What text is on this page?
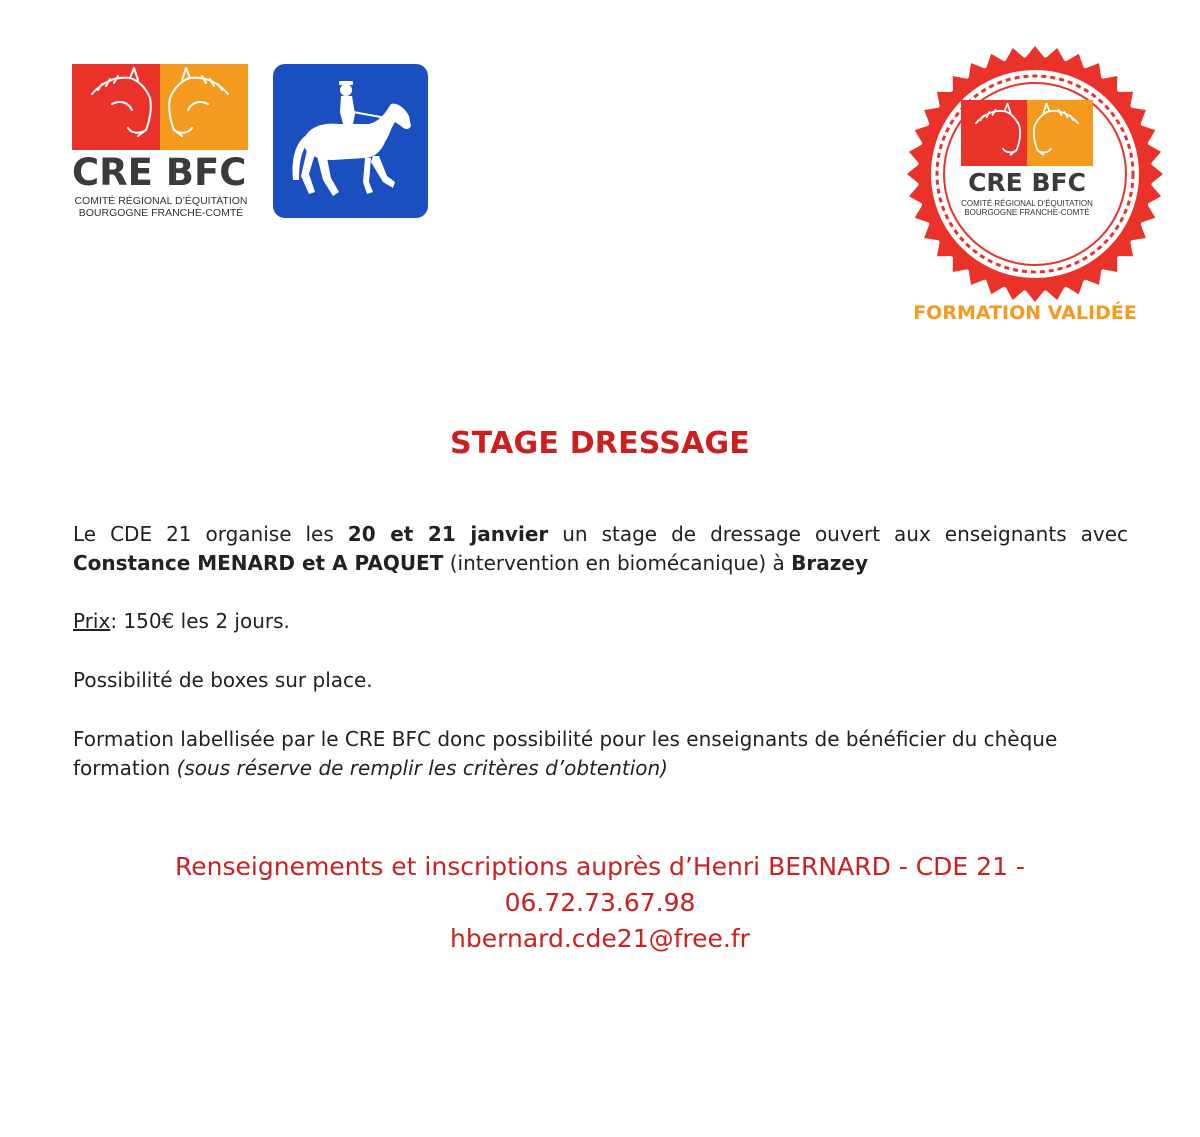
CRE BFC
COMITÉ RÉGIONAL D’ÉQUITATION
BOURGOGNE FRANCHE-COMTÉ
CRE BFC
COMITÉ RÉGIONAL D’ÉQUITATION
BOURGOGNE FRANCHE-COMTÉ
FORMATION VALIDÉE
STAGE DRESSAGE
Le CDE 21 organise les 20 et 21 janvier un stage de dressage ouvert aux enseignants avec Constance MENARD et A PAQUET (intervention en biomécanique) à Brazey
Prix: 150€ les 2 jours.
Possibilité de boxes sur place.
Formation labellisée par le CRE BFC donc possibilité pour les enseignants de bénéficier du chèque formation (sous réserve de remplir les critères d’obtention)
Renseignements et inscriptions auprès d’Henri BERNARD - CDE 21 -
06.72.73.67.98
hbernard.cde21@free.fr
